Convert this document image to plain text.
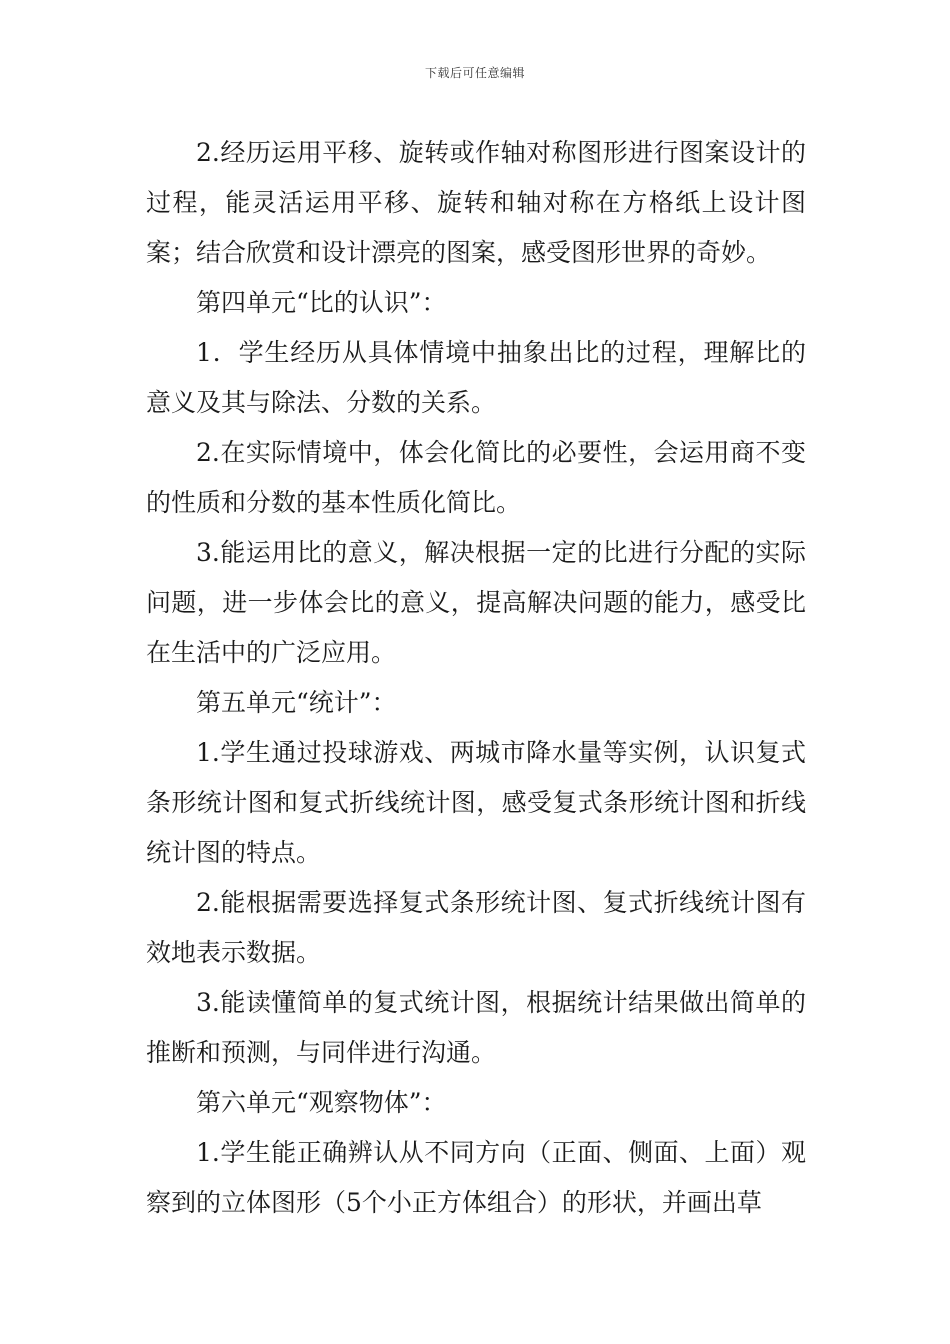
下载后可任意编辑

2.经历运用平移、旋转或作轴对称图形进行图案设计的过程，能灵活运用平移、旋转和轴对称在方格纸上设计图案；结合欣赏和设计漂亮的图案，感受图形世界的奇妙。

第四单元“比的认识”：

1．学生经历从具体情境中抽象出比的过程，理解比的意义及其与除法、分数的关系。

2.在实际情境中，体会化简比的必要性，会运用商不变的性质和分数的基本性质化简比。

3.能运用比的意义，解决根据一定的比进行分配的实际问题，进一步体会比的意义，提高解决问题的能力，感受比在生活中的广泛应用。

第五单元“统计”：

1.学生通过投球游戏、两城市降水量等实例，认识复式条形统计图和复式折线统计图，感受复式条形统计图和折线统计图的特点。

2.能根据需要选择复式条形统计图、复式折线统计图有效地表示数据。

3.能读懂简单的复式统计图，根据统计结果做出简单的推断和预测，与同伴进行沟通。

第六单元“观察物体”：

1.学生能正确辨认从不同方向（正面、侧面、上面）观察到的立体图形（5个小正方体组合）的形状，并画出草
